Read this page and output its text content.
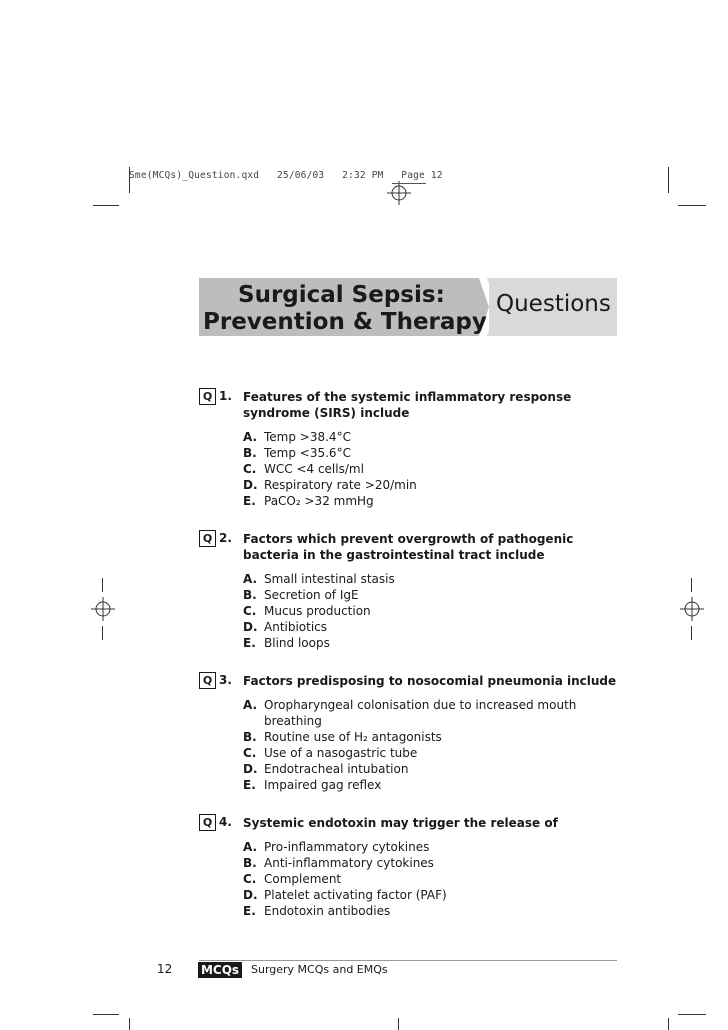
Sme(MCQs)_Question.qxd   25/06/03   2:32 PM   Page 12
Surgical Sepsis:
Prevention & Therapy
Questions
Q 1. Features of the systemic inflammatory response syndrome (SIRS) include
A. Temp >38.4°C
B. Temp <35.6°C
C. WCC <4 cells/ml
D. Respiratory rate >20/min
E. PaCO₂ >32 mmHg
Q 2. Factors which prevent overgrowth of pathogenic bacteria in the gastrointestinal tract include
A. Small intestinal stasis
B. Secretion of IgE
C. Mucus production
D. Antibiotics
E. Blind loops
Q 3. Factors predisposing to nosocomial pneumonia include
A. Oropharyngeal colonisation due to increased mouth breathing
B. Routine use of H₂ antagonists
C. Use of a nasogastric tube
D. Endotracheal intubation
E. Impaired gag reflex
Q 4. Systemic endotoxin may trigger the release of
A. Pro-inflammatory cytokines
B. Anti-inflammatory cytokines
C. Complement
D. Platelet activating factor (PAF)
E. Endotoxin antibodies
12 MCQs Surgery MCQs and EMQs
